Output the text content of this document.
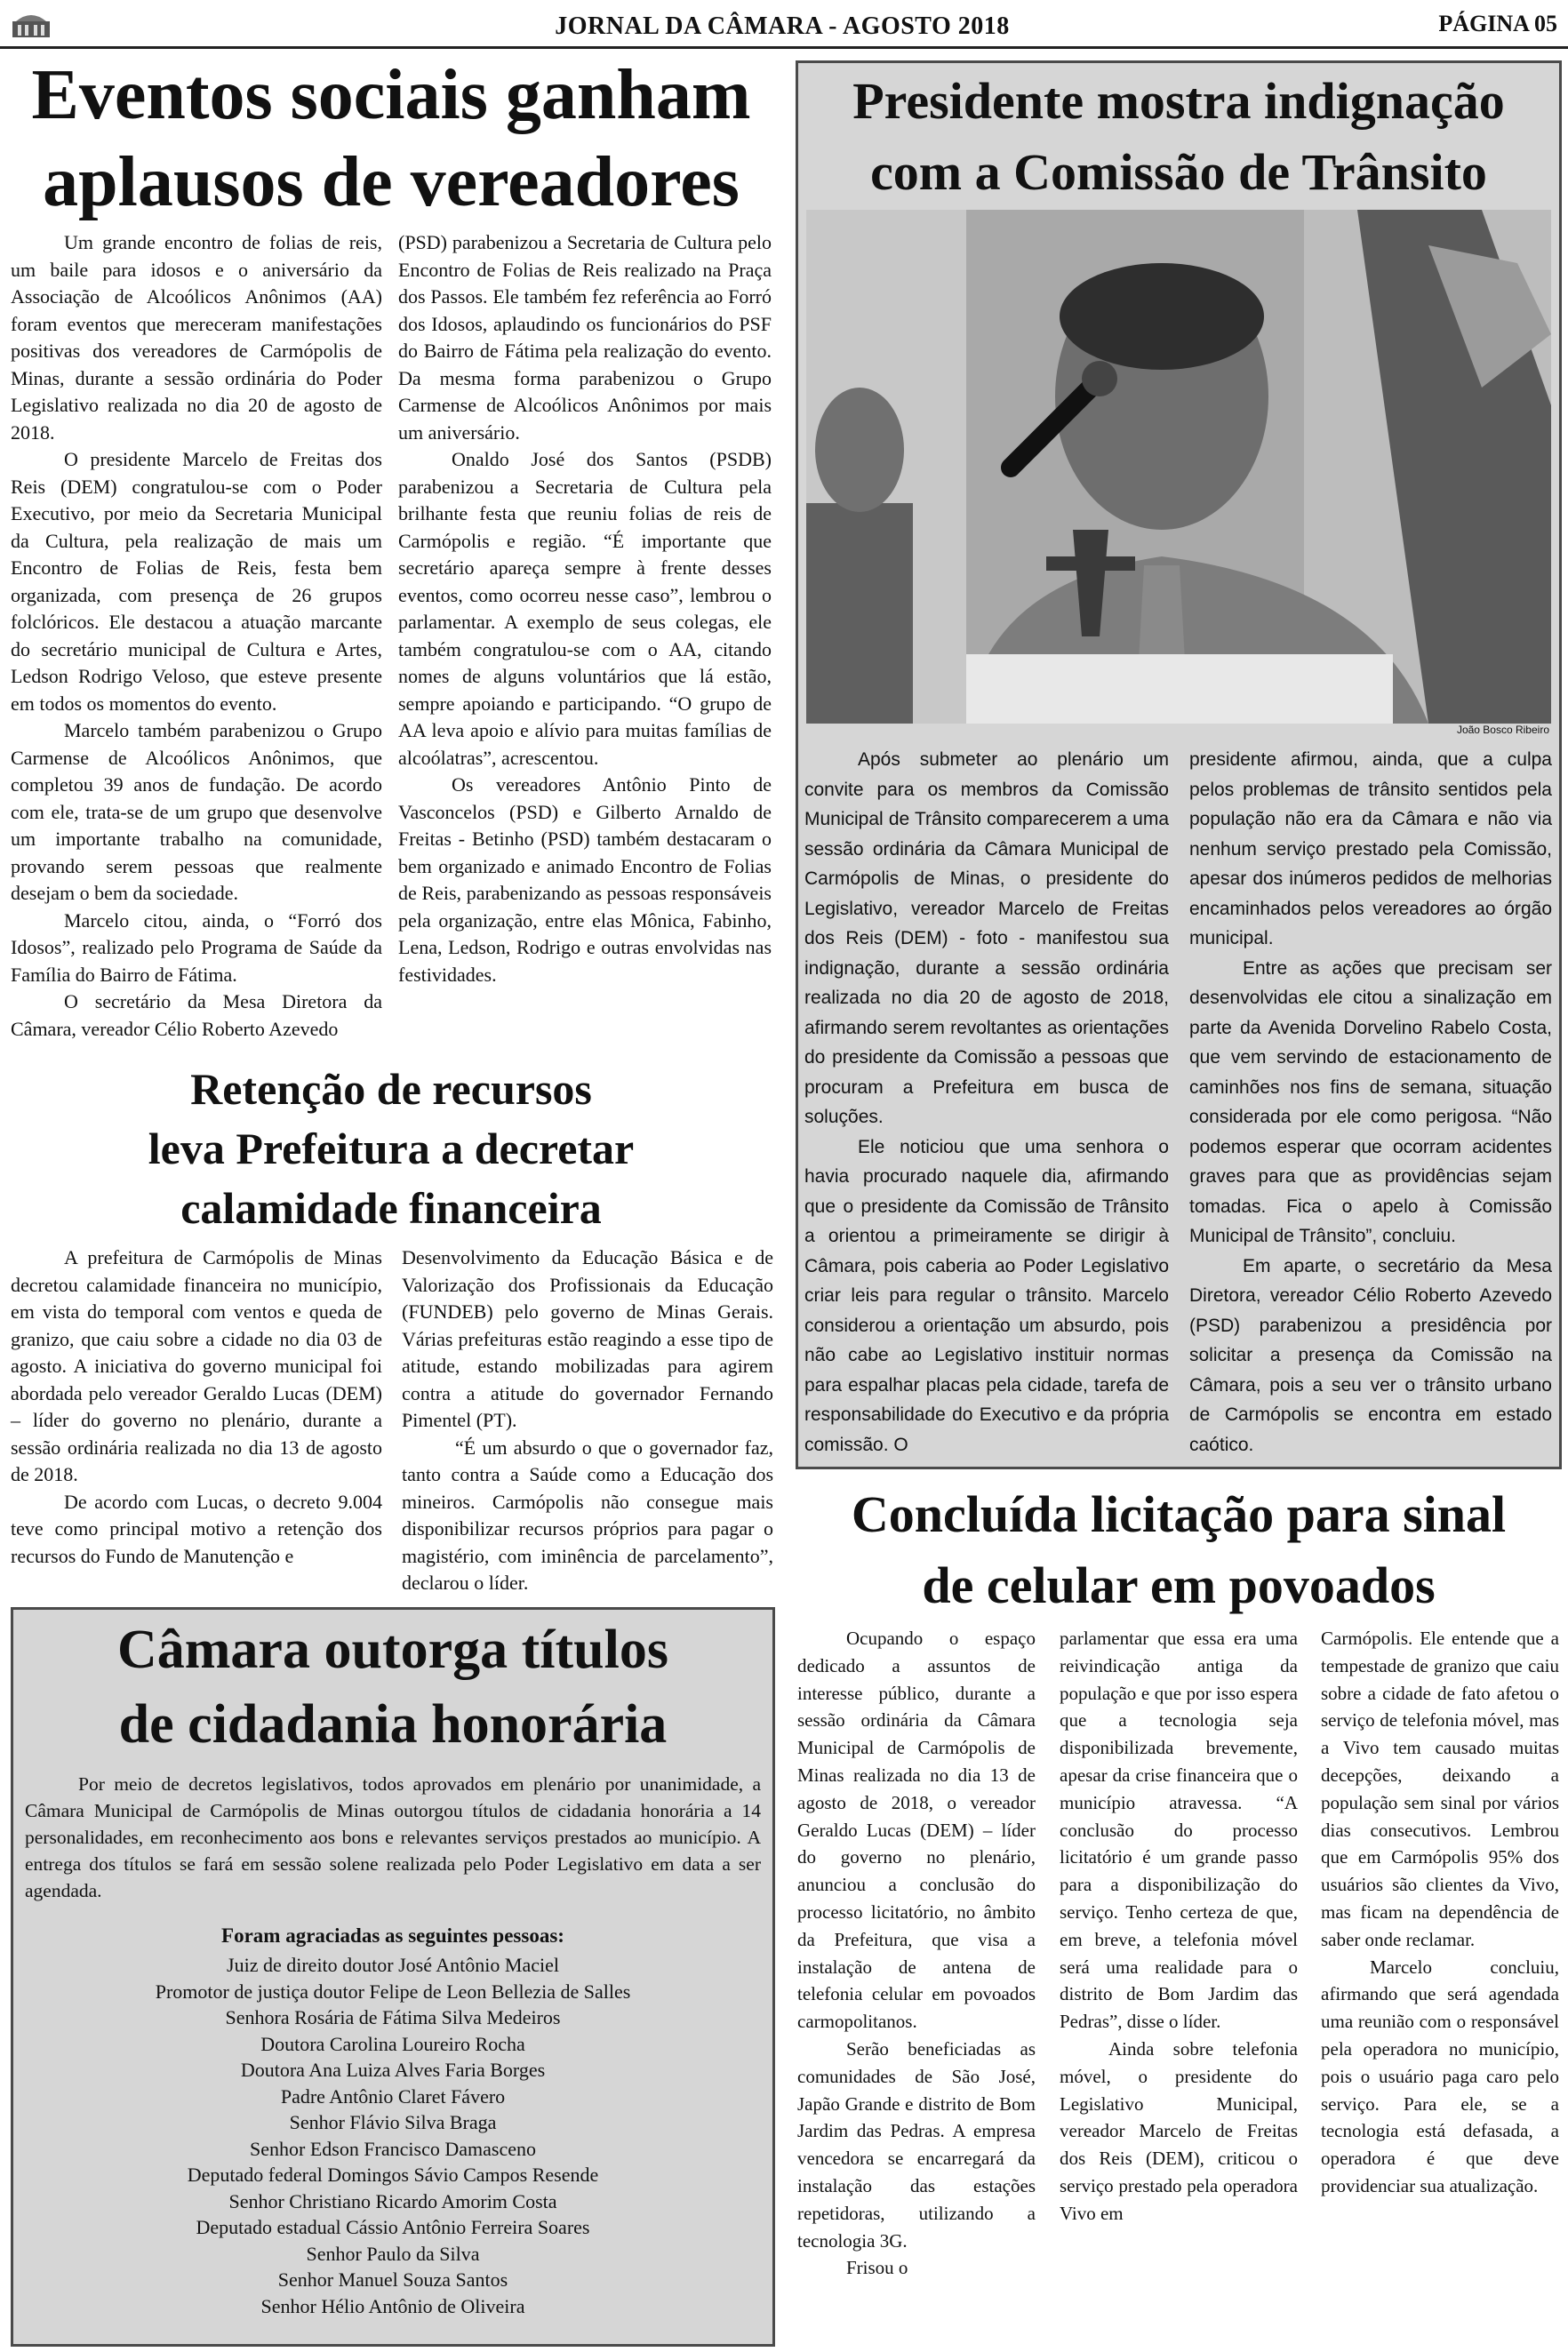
JORNAL DA CÂMARA - AGOSTO 2018	PÁGINA 05
Eventos sociais ganham
aplausos de vereadores

Um grande encontro de folias de reis, um baile para idosos e o aniversário da Associação de Alcoólicos Anônimos (AA) foram eventos que mereceram manifestações positivas dos vereadores de Carmópolis de Minas, durante a sessão ordinária do Poder Legislativo realizada no dia 20 de agosto de 2018.

O presidente Marcelo de Freitas dos Reis (DEM) congratulou-se com o Poder Executivo, por meio da Secretaria Municipal da Cultura, pela realização de mais um Encontro de Folias de Reis, festa bem organizada, com presença de 26 grupos folclóricos. Ele destacou a atuação marcante do secretário municipal de Cultura e Artes, Ledson Rodrigo Veloso, que esteve presente em todos os momentos do evento.

Marcelo também parabenizou o Grupo Carmense de Alcoólicos Anônimos, que completou 39 anos de fundação. De acordo com ele, trata-se de um grupo que desenvolve um importante trabalho na comunidade, provando serem pessoas que realmente desejam o bem da sociedade.

Marcelo citou, ainda, o “Forró dos Idosos”, realizado pelo Programa de Saúde da Família do Bairro de Fátima.

O secretário da Mesa Diretora da Câmara, vereador Célio Roberto Azevedo

(PSD) parabenizou a Secretaria de Cultura pelo Encontro de Folias de Reis realizado na Praça dos Passos. Ele também fez referência ao Forró dos Idosos, aplaudindo os funcionários do PSF do Bairro de Fátima pela realização do evento. Da mesma forma parabenizou o Grupo Carmense de Alcoólicos Anônimos por mais um aniversário.

Onaldo José dos Santos (PSDB) parabenizou a Secretaria de Cultura pela brilhante festa que reuniu folias de reis de Carmópolis e região. “É importante que secretário apareça sempre à frente desses eventos, como ocorreu nesse caso”, lembrou o parlamentar. A exemplo de seus colegas, ele também congratulou-se com o AA, citando nomes de alguns voluntários que lá estão, sempre apoiando e participando. “O grupo de AA leva apoio e alívio para muitas famílias de alcoólatras”, acrescentou.

Os vereadores Antônio Pinto de Vasconcelos (PSD) e Gilberto Arnaldo de Freitas - Betinho (PSD) também destacaram o bem organizado e animado Encontro de Folias de Reis, parabenizando as pessoas responsáveis pela organização, entre elas Mônica, Fabinho, Lena, Ledson, Rodrigo e outras envolvidas nas festividades.

Presidente mostra indignação
com a Comissão de Trânsito
João Bosco Ribeiro

Após submeter ao plenário um convite para os membros da Comissão Municipal de Trânsito comparecerem a uma sessão ordinária da Câmara Municipal de Carmópolis de Minas, o presidente do Legislativo, vereador Marcelo de Freitas dos Reis (DEM) - foto - manifestou sua indignação, durante a sessão ordinária realizada no dia 20 de agosto de 2018, afirmando serem revoltantes as orientações do presidente da Comissão a pessoas que procuram a Prefeitura em busca de soluções.

Ele noticiou que uma senhora o havia procurado naquele dia, afirmando que o presidente da Comissão de Trânsito a orientou a primeiramente se dirigir à Câmara, pois caberia ao Poder Legislativo criar leis para regular o trânsito. Marcelo considerou a orientação um absurdo, pois não cabe ao Legislativo instituir normas para espalhar placas pela cidade, tarefa de responsabilidade do Executivo e da própria comissão. O

presidente afirmou, ainda, que a culpa pelos problemas de trânsito sentidos pela população não era da Câmara e não via nenhum serviço prestado pela Comissão, apesar dos inúmeros pedidos de melhorias encaminhados pelos vereadores ao órgão municipal.

Entre as ações que precisam ser desenvolvidas ele citou a sinalização em parte da Avenida Dorvelino Rabelo Costa, que vem servindo de estacionamento de caminhões nos fins de semana, situação considerada por ele como perigosa. “Não podemos esperar que ocorram acidentes graves para que as providências sejam tomadas. Fica o apelo à Comissão Municipal de Trânsito”, concluiu.

Em aparte, o secretário da Mesa Diretora, vereador Célio Roberto Azevedo (PSD) parabenizou a presidência por solicitar a presença da Comissão na Câmara, pois a seu ver o trânsito urbano de Carmópolis se encontra em estado caótico.

Retenção de recursos
leva Prefeitura a decretar
calamidade financeira

A prefeitura de Carmópolis de Minas decretou calamidade financeira no município, em vista do temporal com ventos e queda de granizo, que caiu sobre a cidade no dia 03 de agosto. A iniciativa do governo municipal foi abordada pelo vereador Geraldo Lucas (DEM) – líder do governo no plenário, durante a sessão ordinária realizada no dia 13 de agosto de 2018.

De acordo com Lucas, o decreto 9.004 teve como principal motivo a retenção dos recursos do Fundo de Manutenção e

Desenvolvimento da Educação Básica e de Valorização dos Profissionais da Educação (FUNDEB) pelo governo de Minas Gerais. Várias prefeituras estão reagindo a esse tipo de atitude, estando mobilizadas para agirem contra a atitude do governador Fernando Pimentel (PT).

“É um absurdo o que o governador faz, tanto contra a Saúde como a Educação dos mineiros. Carmópolis não consegue mais disponibilizar recursos próprios para pagar o magistério, com iminência de parcelamento”, declarou o líder.

Câmara outorga títulos
de cidadania honorária

Por meio de decretos legislativos, todos aprovados em plenário por unanimidade, a Câmara Municipal de Carmópolis de Minas outorgou títulos de cidadania honorária a 14 personalidades, em reconhecimento aos bons e relevantes serviços prestados ao município. A entrega dos títulos se fará em sessão solene realizada pelo Poder Legislativo em data a ser agendada.

Foram agraciadas as seguintes pessoas:
Juiz de direito doutor José Antônio Maciel
Promotor de justiça doutor Felipe de Leon Bellezia de Salles
Senhora Rosária de Fátima Silva Medeiros
Doutora Carolina Loureiro Rocha
Doutora Ana Luiza Alves Faria Borges
Padre Antônio Claret Fávero
Senhor Flávio Silva Braga
Senhor Edson Francisco Damasceno
Deputado federal Domingos Sávio Campos Resende
Senhor Christiano Ricardo Amorim Costa
Deputado estadual Cássio Antônio Ferreira Soares
Senhor Paulo da Silva
Senhor Manuel Souza Santos
Senhor Hélio Antônio de Oliveira
Concluída licitação para sinal
de celular em povoados

Ocupando o espaço dedicado a assuntos de interesse público, durante a sessão ordinária da Câmara Municipal de Carmópolis de Minas realizada no dia 13 de agosto de 2018, o vereador Geraldo Lucas (DEM) – líder do governo no plenário, anunciou a conclusão do processo licitatório, no âmbito da Prefeitura, que visa a instalação de antena de telefonia celular em povoados carmopolitanos.

Serão beneficiadas as comunidades de São José, Japão Grande e distrito de Bom Jardim das Pedras. A empresa vencedora se encarregará da instalação das estações repetidoras, utilizando a tecnologia 3G.

Frisou o

parlamentar que essa era uma reivindicação antiga da população e que por isso espera que a tecnologia seja disponibilizada brevemente, apesar da crise financeira que o município atravessa. “A conclusão do processo licitatório é um grande passo para a disponibilização do serviço. Tenho certeza de que, em breve, a telefonia móvel será uma realidade para o distrito de Bom Jardim das Pedras”, disse o líder.

Ainda sobre telefonia móvel, o presidente do Legislativo Municipal, vereador Marcelo de Freitas dos Reis (DEM), criticou o serviço prestado pela operadora Vivo em

Carmópolis. Ele entende que a tempestade de granizo que caiu sobre a cidade de fato afetou o serviço de telefonia móvel, mas a Vivo tem causado muitas decepções, deixando a população sem sinal por vários dias consecutivos. Lembrou que em Carmópolis 95% dos usuários são clientes da Vivo, mas ficam na dependência de saber onde reclamar.

Marcelo concluiu, afirmando que será agendada uma reunião com o responsável pela operadora no município, pois o usuário paga caro pelo serviço. Para ele, se a tecnologia está defasada, a operadora é que deve providenciar sua atualização.
